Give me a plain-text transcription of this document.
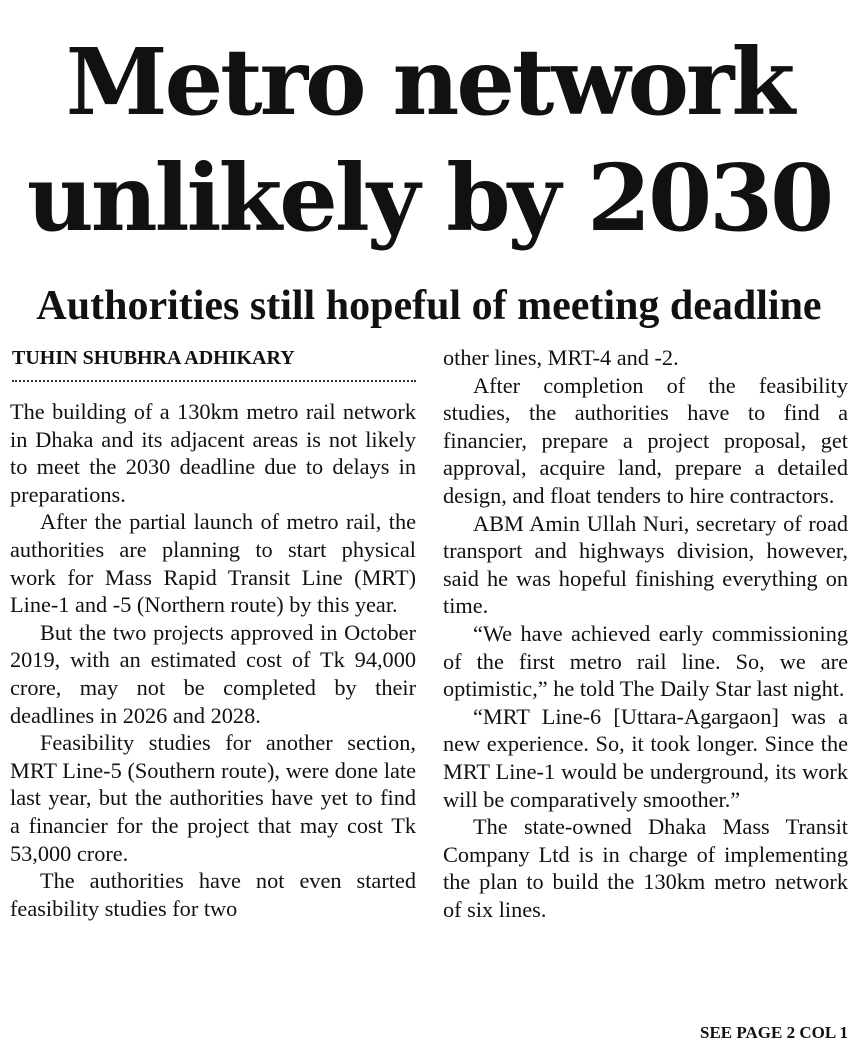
Metro network
unlikely by 2030
Authorities still hopeful of meeting deadline
TUHIN SHUBHRA ADHIKARY

The building of a 130km metro rail network in Dhaka and its adjacent areas is not likely to meet the 2030 deadline due to delays in preparations.

After the partial launch of metro rail, the authorities are planning to start physical work for Mass Rapid Transit Line (MRT) Line-1 and -5 (Northern route) by this year.

But the two projects approved in October 2019, with an estimated cost of Tk 94,000 crore, may not be completed by their deadlines in 2026 and 2028.

Feasibility studies for another section, MRT Line-5 (Southern route), were done late last year, but the authorities have yet to find a financier for the project that may cost Tk 53,000 crore.

The authorities have not even started feasibility studies for two

other lines, MRT-4 and -2.

After completion of the feasibility studies, the authorities have to find a financier, prepare a project proposal, get approval, acquire land, prepare a detailed design, and float tenders to hire contractors.

ABM Amin Ullah Nuri, secretary of road transport and highways division, however, said he was hopeful finishing everything on time.

“We have achieved early commissioning of the first metro rail line. So, we are optimistic,” he told The Daily Star last night.

“MRT Line-6 [Uttara-Agargaon] was a new experience. So, it took longer. Since the MRT Line-1 would be underground, its work will be comparatively smoother.”

The state-owned Dhaka Mass Transit Company Ltd is in charge of implementing the plan to build the 130km metro network of six lines.

SEE PAGE 2 COL 1
